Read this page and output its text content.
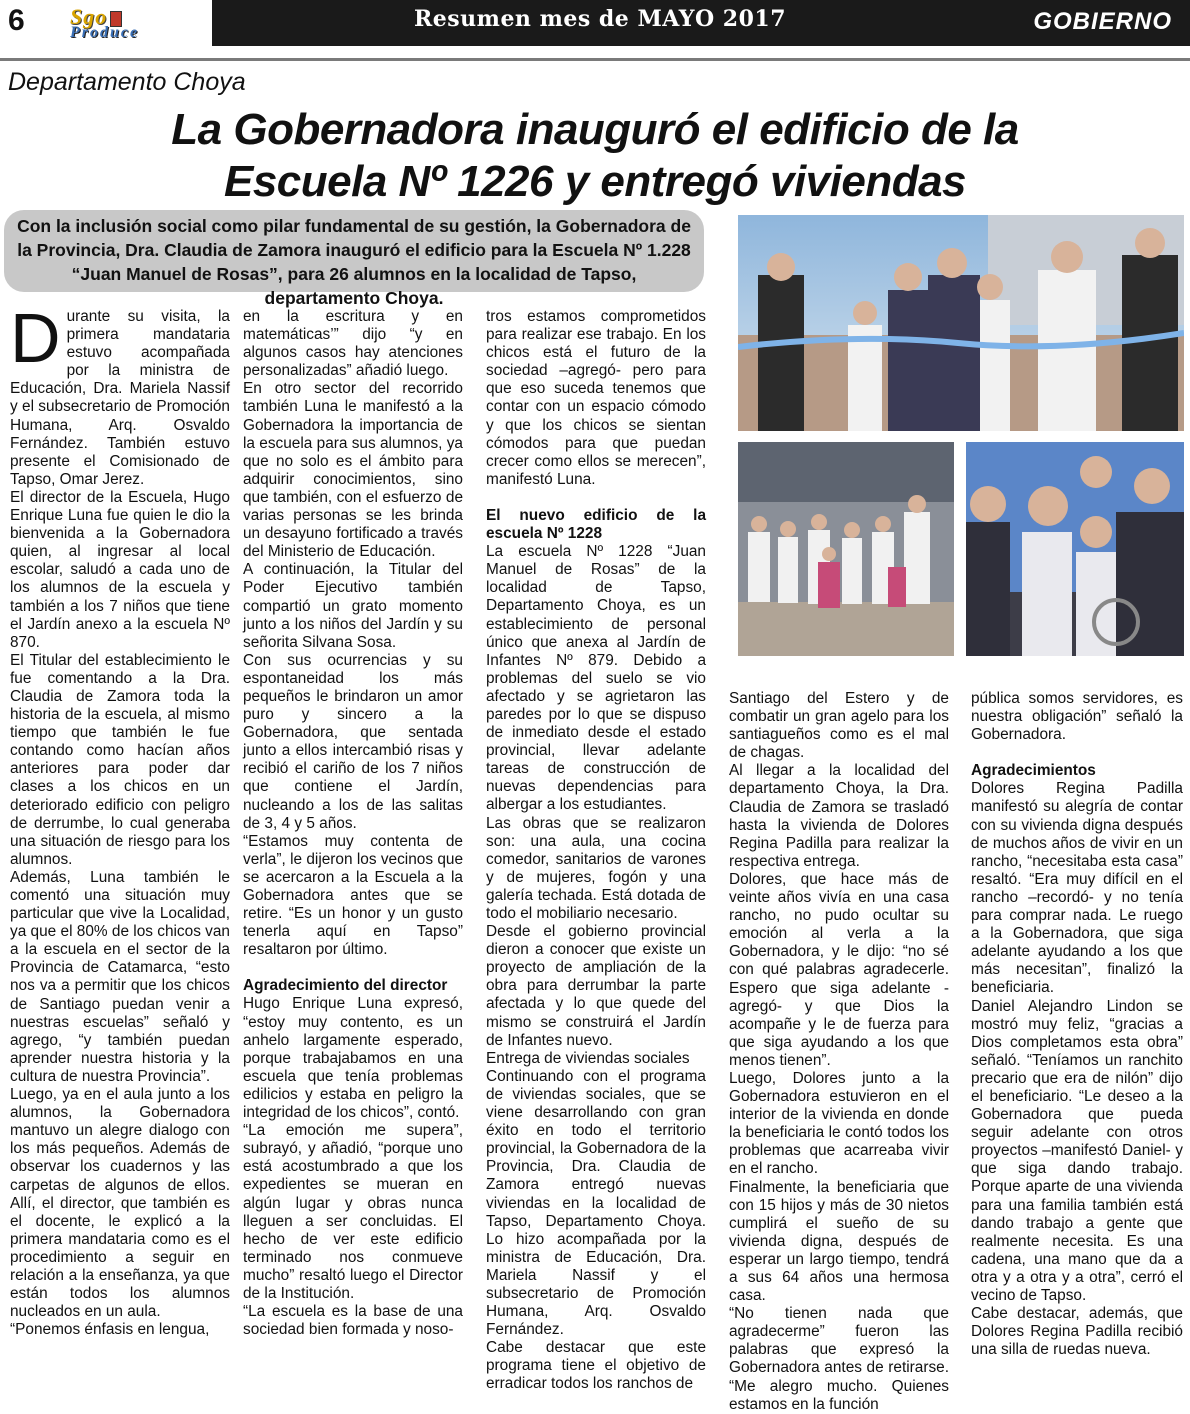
6 Sgo
Produce
Resumen mes de MAYO 2017	GOBIERNO
Departamento Choya
La Gobernadora inauguró el edificio de la
Escuela Nº 1226 y entregó viviendas

Con la inclusión social como pilar fundamental de su gestión, la Gobernadora de la Provincia, Dra. Claudia de Zamora inauguró el edificio para la Escuela Nº 1.228 “Juan Manuel de Rosas”, para 26 alumnos en la localidad de Tapso, departamento Choya.

Durante su visita, la primera mandataria estuvo acompañada por la ministra de Educación, Dra. Mariela Nassif y el subsecretario de Promoción Humana, Arq. Osvaldo Fernández. También estuvo presente el Comisionado de Tapso, Omar Jerez.

El director de la Escuela, Hugo Enrique Luna fue quien le dio la bienvenida a la Gobernadora quien, al ingresar al local escolar, saludó a cada uno de los alumnos de la escuela y también a los 7 niños que tiene el Jardín anexo a la escuela Nº 870.

El Titular del establecimiento le fue comentando a la Dra. Claudia de Zamora toda la historia de la escuela, al mismo tiempo que también le fue contando como hacían años anteriores para poder dar clases a los chicos en un deteriorado edificio con peligro de derrumbe, lo cual generaba una situación de riesgo para los alumnos.

Además, Luna también le comentó una situación muy particular que vive la Localidad, ya que el 80% de los chicos van a la escuela en el sector de la Provincia de Catamarca, “esto nos va a permitir que los chicos de Santiago puedan venir a nuestras escuelas” señaló y agrego, “y también puedan aprender nuestra historia y la cultura de nuestra Provincia”.

Luego, ya en el aula junto a los alumnos, la Gobernadora mantuvo un alegre dialogo con los más pequeños. Además de observar los cuadernos y las carpetas de algunos de ellos. Allí, el director, que también es el docente, le explicó a la primera mandataria como es el procedimiento a seguir en relación a la enseñanza, ya que están todos los alumnos nucleados en un aula.

“Ponemos énfasis en lengua,

en la escritura y en matemáticas’” dijo “y en algunos casos hay atenciones personalizadas” añadió luego.

En otro sector del recorrido también Luna le manifestó a la Gobernadora la importancia de la escuela para sus alumnos, ya que no solo es el ámbito para adquirir conocimientos, sino que también, con el esfuerzo de varias personas se les brinda un desayuno fortificado a través del Ministerio de Educación.

A continuación, la Titular del Poder Ejecutivo también compartió un grato momento junto a los niños del Jardín y su señorita Silvana Sosa.

Con sus ocurrencias y su espontaneidad los más pequeños le brindaron un amor puro y sincero a la Gobernadora, que sentada junto a ellos intercambió risas y recibió el cariño de los 7 niños que contiene el Jardín, nucleando a los de las salitas de 3, 4 y 5 años.

“Estamos muy contenta de verla”, le dijeron los vecinos que se acercaron a la Escuela a la Gobernadora antes que se retire. “Es un honor y un gusto tenerla aquí en Tapso” resaltaron por último.

Agradecimiento del director

Hugo Enrique Luna expresó, “estoy muy contento, es un anhelo largamente esperado, porque trabajabamos en una escuela que tenía problemas edilicios y estaba en peligro la integridad de los chicos”, contó.

“La emoción me supera”, subrayó, y añadió, “porque uno está acostumbrado a que los expedientes se mueran en algún lugar y obras nunca lleguen a ser concluidas. El hecho de ver este edificio terminado nos conmueve mucho” resaltó luego el Director de la Institución.

“La escuela es la base de una sociedad bien formada y noso-

tros estamos comprometidos para realizar ese trabajo. En los chicos está el futuro de la sociedad –agregó- pero para que eso suceda tenemos que contar con un espacio cómodo y que los chicos se sientan cómodos para que puedan crecer como ellos se merecen”, manifestó Luna.

El nuevo edificio de la escuela Nº 1228

La escuela Nº 1228 “Juan Manuel de Rosas” de la localidad de Tapso, Departamento Choya, es un establecimiento de personal único que anexa al Jardín de Infantes Nº 879. Debido a problemas del suelo se vio afectado y se agrietaron las paredes por lo que se dispuso de inmediato desde el estado provincial, llevar adelante tareas de construcción de nuevas dependencias para albergar a los estudiantes.

Las obras que se realizaron son: una aula, una cocina comedor, sanitarios de varones y de mujeres, fogón y una galería techada. Está dotada de todo el mobiliario necesario.

Desde el gobierno provincial dieron a conocer que existe un proyecto de ampliación de la obra para derrumbar la parte afectada y lo que quede del mismo se construirá el Jardín de Infantes nuevo.

Entrega de viviendas sociales

Continuando con el programa de viviendas sociales, que se viene desarrollando con gran éxito en todo el territorio provincial, la Gobernadora de la Provincia, Dra. Claudia de Zamora entregó nuevas viviendas en la localidad de Tapso, Departamento Choya. Lo hizo acompañada por la ministra de Educación, Dra. Mariela Nassif y el subsecretario de Promoción Humana, Arq. Osvaldo Fernández.

Cabe destacar que este programa tiene el objetivo de erradicar todos los ranchos de

Santiago del Estero y de combatir un gran agelo para los santiagueños como es el mal de chagas.

Al llegar a la localidad del departamento Choya, la Dra. Claudia de Zamora se trasladó hasta la vivienda de Dolores Regina Padilla para realizar la respectiva entrega.

Dolores, que hace más de veinte años vivía en una casa rancho, no pudo ocultar su emoción al verla a la Gobernadora, y le dijo: “no sé con qué palabras agradecerle. Espero que siga adelante -agregó- y que Dios la acompañe y le de fuerza para que siga ayudando a los que menos tienen”.

Luego, Dolores junto a la Gobernadora estuvieron en el interior de la vivienda en donde la beneficiaria le contó todos los problemas que acarreaba vivir en el rancho.

Finalmente, la beneficiaria que con 15 hijos y más de 30 nietos cumplirá el sueño de su vivienda digna, después de esperar un largo tiempo, tendrá a sus 64 años una hermosa casa.

“No tienen nada que agradecerme” fueron las palabras que expresó la Gobernadora antes de retirarse. “Me alegro mucho. Quienes estamos en la función

pública somos servidores, es nuestra obligación” señaló la Gobernadora.

Agradecimientos

Dolores Regina Padilla manifestó su alegría de contar con su vivienda digna después de muchos años de vivir en un rancho, “necesitaba esta casa” resaltó. “Era muy difícil en el rancho –recordó- y no tenía para comprar nada. Le ruego a la Gobernadora, que siga adelante ayudando a los que más necesitan”, finalizó la beneficiaria.

Daniel Alejandro Lindon se mostró muy feliz, “gracias a Dios completamos esta obra” señaló. “Teníamos un ranchito precario que era de nilón” dijo el beneficiario. “Le deseo a la Gobernadora que pueda seguir adelante con otros proyectos –manifestó Daniel- y que siga dando trabajo. Porque aparte de una vivienda para una familia también está dando trabajo a gente que realmente necesita. Es una cadena, una mano que da a otra y a otra y a otra”, cerró el vecino de Tapso.

Cabe destacar, además, que Dolores Regina Padilla recibió una silla de ruedas nueva.
